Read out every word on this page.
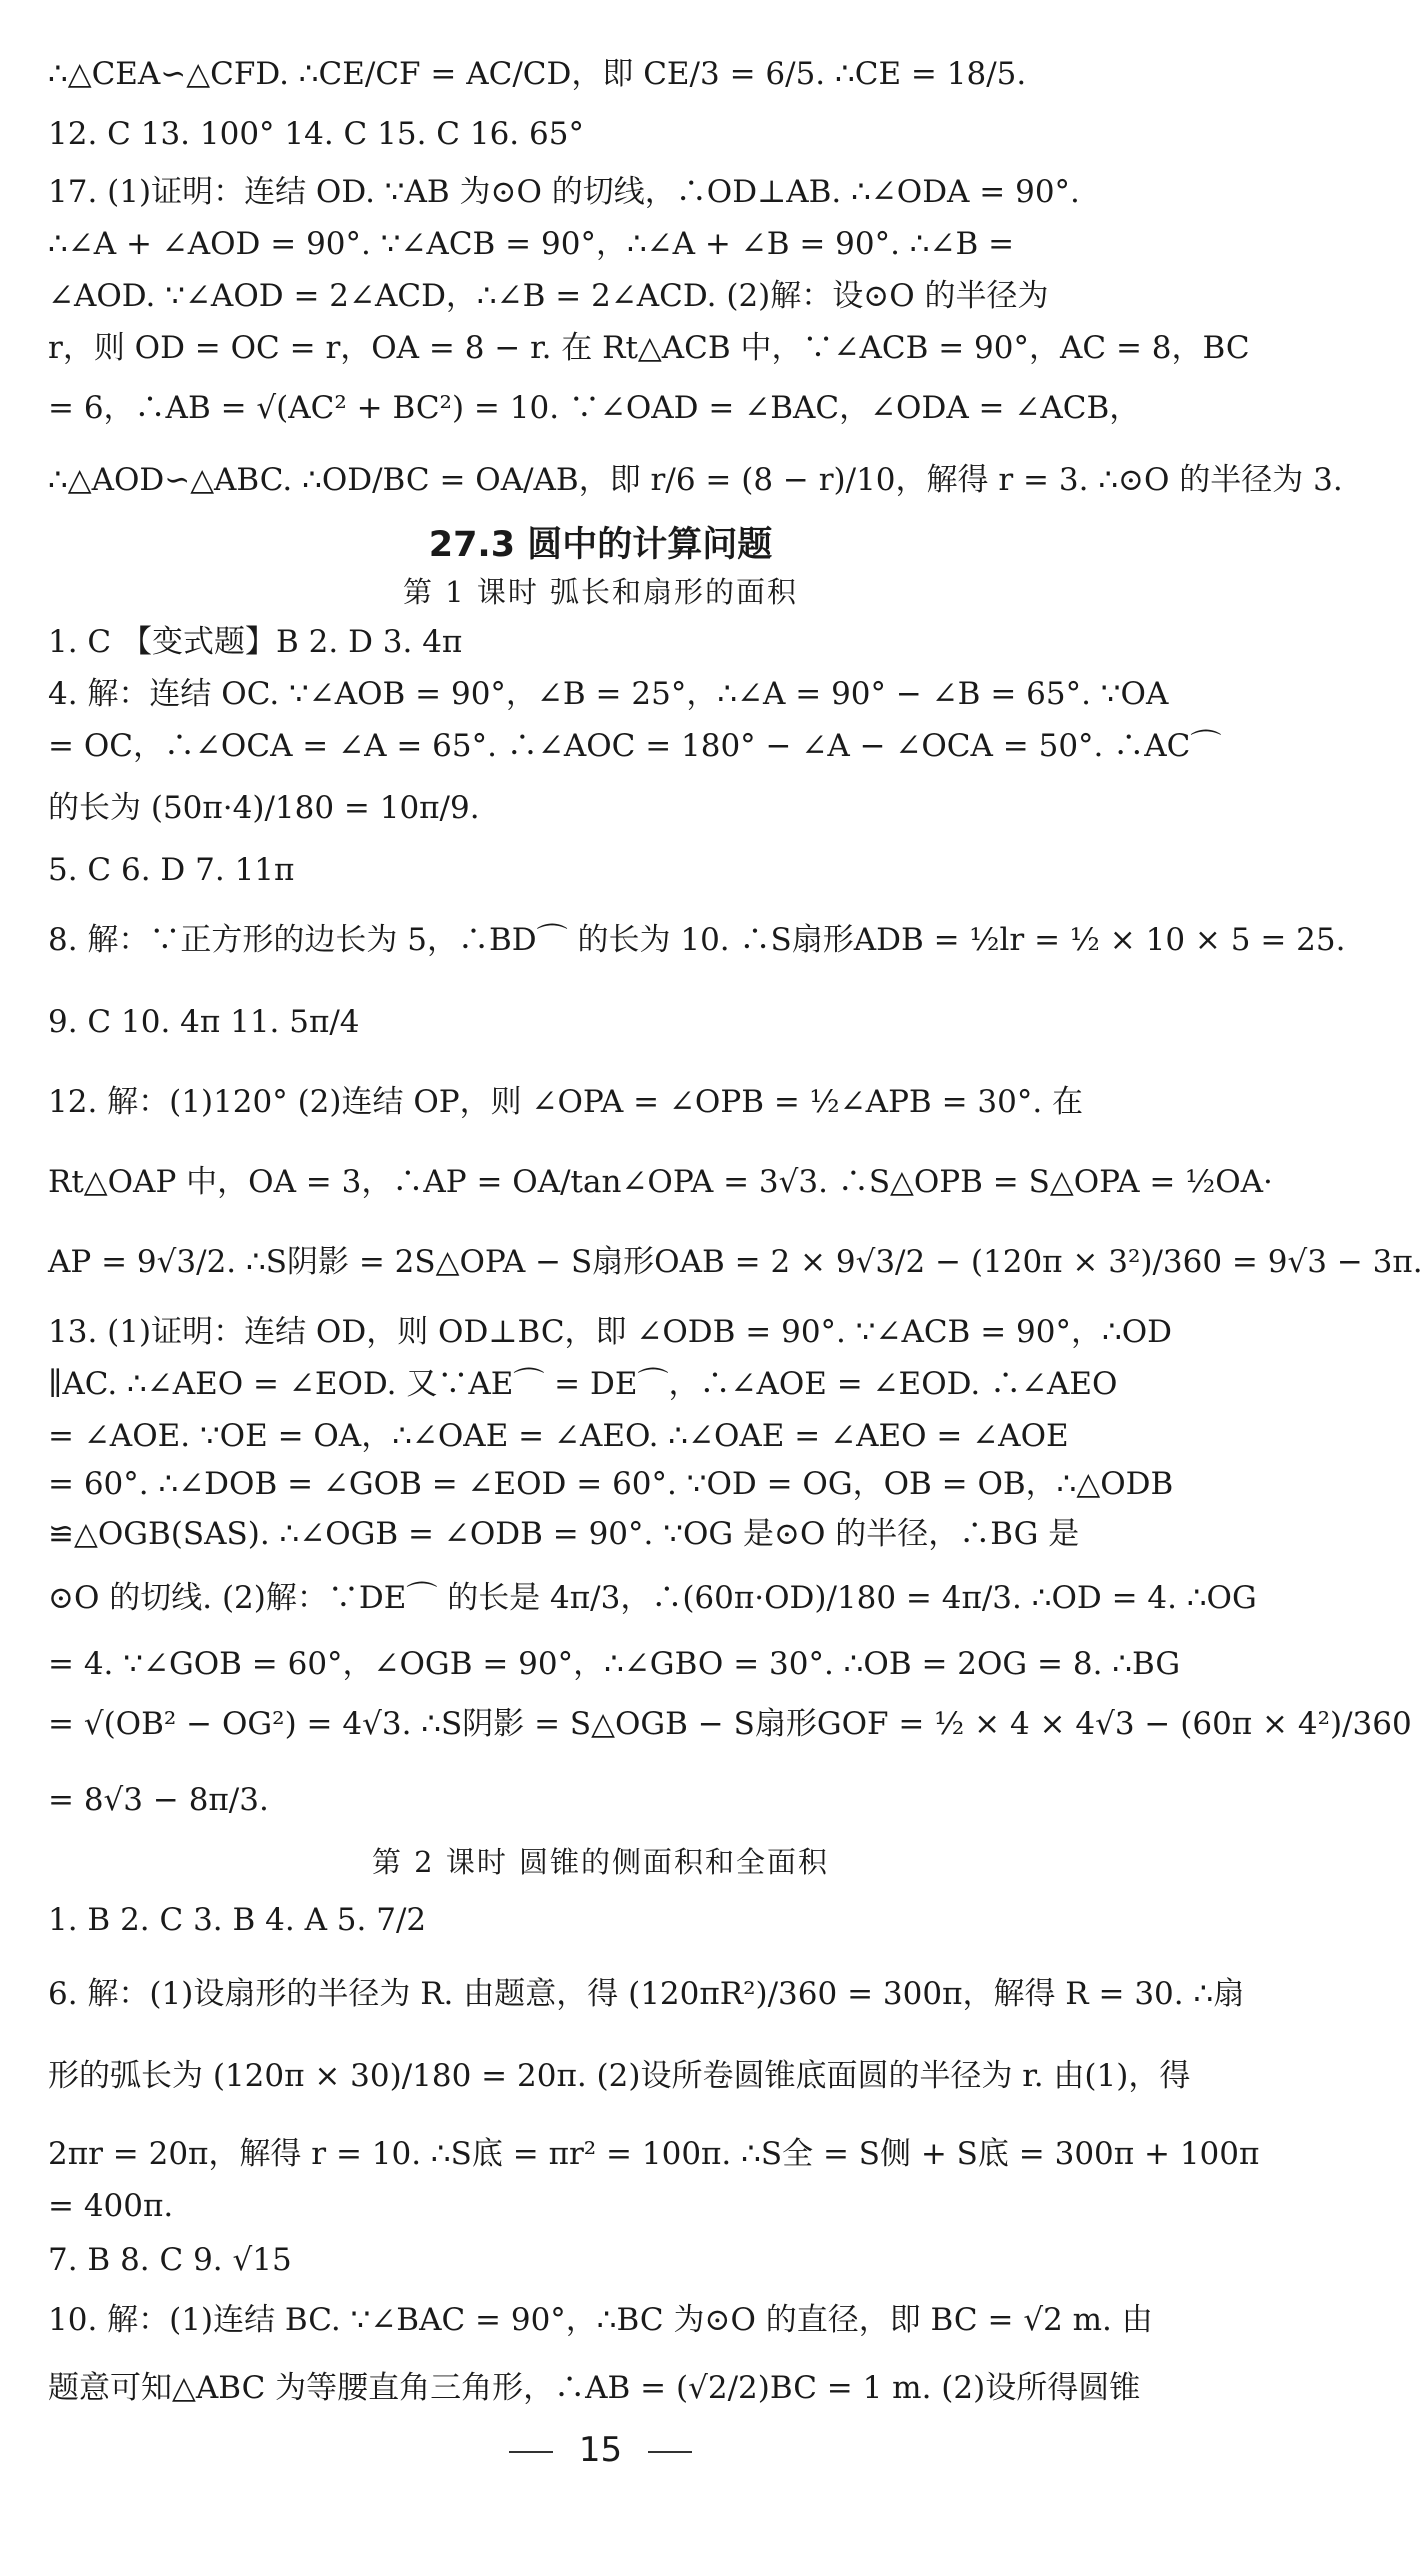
∴△CEA∽△CFD. ∴CE/CF = AC/CD，即 CE/3 = 6/5. ∴CE = 18/5.
12. C 13. 100° 14. C 15. C 16. 65°
17. (1)证明：连结 OD. ∵AB 为⊙O 的切线，∴OD⊥AB. ∴∠ODA = 90°.
∴∠A + ∠AOD = 90°. ∵∠ACB = 90°，∴∠A + ∠B = 90°. ∴∠B =
∠AOD. ∵∠AOD = 2∠ACD，∴∠B = 2∠ACD. (2)解：设⊙O 的半径为
r，则 OD = OC = r，OA = 8 − r. 在 Rt△ACB 中，∵∠ACB = 90°，AC = 8，BC
= 6，∴AB = √(AC² + BC²) = 10. ∵∠OAD = ∠BAC，∠ODA = ∠ACB，
∴△AOD∽△ABC. ∴OD/BC = OA/AB，即 r/6 = (8 − r)/10，解得 r = 3. ∴⊙O 的半径为 3.
27.3 圆中的计算问题
第 1 课时 弧长和扇形的面积
1. C 【变式题】B 2. D 3. 4π
4. 解：连结 OC. ∵∠AOB = 90°，∠B = 25°，∴∠A = 90° − ∠B = 65°. ∵OA
= OC，∴∠OCA = ∠A = 65°. ∴∠AOC = 180° − ∠A − ∠OCA = 50°. ∴AC⌒
的长为 (50π·4)/180 = 10π/9.
5. C 6. D 7. 11π
8. 解：∵正方形的边长为 5，∴BD⌒ 的长为 10. ∴S扇形ADB = ½lr = ½ × 10 × 5 = 25.
9. C 10. 4π 11. 5π/4
12. 解：(1)120° (2)连结 OP，则 ∠OPA = ∠OPB = ½∠APB = 30°. 在
Rt△OAP 中，OA = 3，∴AP = OA/tan∠OPA = 3√3. ∴S△OPB = S△OPA = ½OA·
AP = 9√3/2. ∴S阴影 = 2S△OPA − S扇形OAB = 2 × 9√3/2 − (120π × 3²)/360 = 9√3 − 3π.
13. (1)证明：连结 OD，则 OD⊥BC，即 ∠ODB = 90°. ∵∠ACB = 90°，∴OD
∥AC. ∴∠AEO = ∠EOD. 又∵AE⌒ = DE⌒，∴∠AOE = ∠EOD. ∴∠AEO
= ∠AOE. ∵OE = OA，∴∠OAE = ∠AEO. ∴∠OAE = ∠AEO = ∠AOE
= 60°. ∴∠DOB = ∠GOB = ∠EOD = 60°. ∵OD = OG，OB = OB，∴△ODB
≌△OGB(SAS). ∴∠OGB = ∠ODB = 90°. ∵OG 是⊙O 的半径，∴BG 是
⊙O 的切线. (2)解：∵DE⌒ 的长是 4π/3，∴(60π·OD)/180 = 4π/3. ∴OD = 4. ∴OG
= 4. ∵∠GOB = 60°，∠OGB = 90°，∴∠GBO = 30°. ∴OB = 2OG = 8. ∴BG
= √(OB² − OG²) = 4√3. ∴S阴影 = S△OGB − S扇形GOF = ½ × 4 × 4√3 − (60π × 4²)/360
= 8√3 − 8π/3.
第 2 课时 圆锥的侧面积和全面积
1. B 2. C 3. B 4. A 5. 7/2
6. 解：(1)设扇形的半径为 R. 由题意，得 (120πR²)/360 = 300π，解得 R = 30. ∴扇
形的弧长为 (120π × 30)/180 = 20π. (2)设所卷圆锥底面圆的半径为 r. 由(1)，得
2πr = 20π，解得 r = 10. ∴S底 = πr² = 100π. ∴S全 = S侧 + S底 = 300π + 100π
= 400π.
7. B 8. C 9. √15
10. 解：(1)连结 BC. ∵∠BAC = 90°，∴BC 为⊙O 的直径，即 BC = √2 m. 由
题意可知△ABC 为等腰直角三角形，∴AB = (√2/2)BC = 1 m. (2)设所得圆锥
15
